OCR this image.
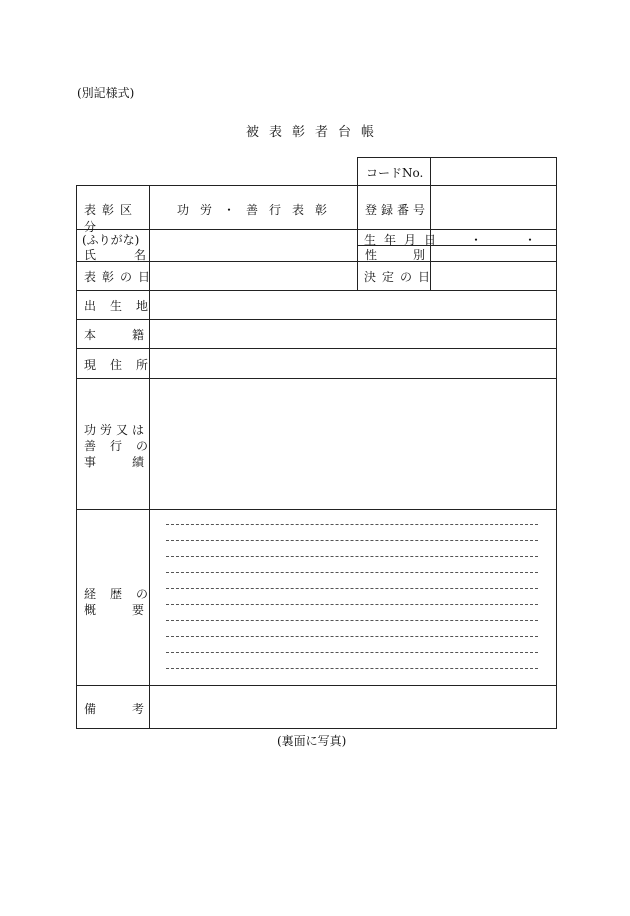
(別記様式)
被表彰者台帳
コードNo.
表彰区分
功労・善行表彰 登録番号
(ふりがな)
氏名
生年月日 ・　　・
性別
表彰の日	決定の日
出生地
本籍
現住所
功労又は
善行の
事績
経歴の
概要
備考
(裏面に写真)
